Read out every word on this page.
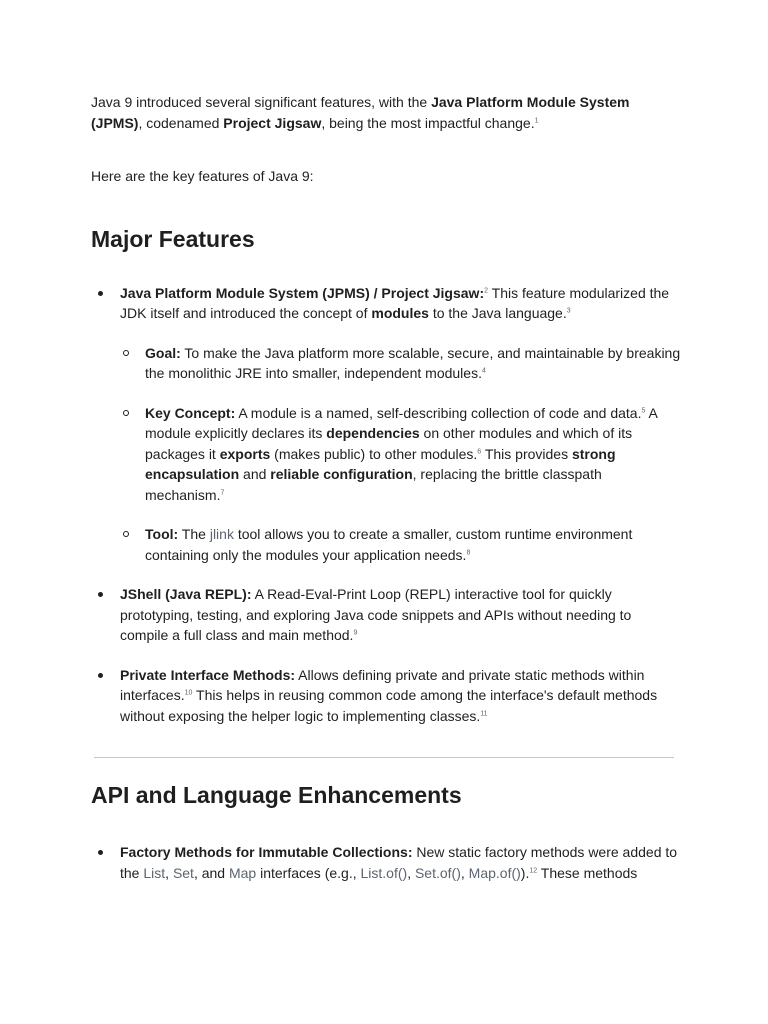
Java 9 introduced several significant features, with the Java Platform Module System (JPMS), codenamed Project Jigsaw, being the most impactful change.$^1$

Here are the key features of Java 9:

Major Features
Java Platform Module System (JPMS) / Project Jigsaw:$^2$ This feature modularized the JDK itself and introduced the concept of modules to the Java language.$^3$
Goal: To make the Java platform more scalable, secure, and maintainable by breaking the monolithic JRE into smaller, independent modules.$^4$
Key Concept: A module is a named, self-describing collection of code and data.$^5$ A module explicitly declares its dependencies on other modules and which of its packages it exports (makes public) to other modules.$^6$ This provides strong encapsulation and reliable configuration, replacing the brittle classpath mechanism.$^7$
Tool: The jlink tool allows you to create a smaller, custom runtime environment containing only the modules your application needs.$^8$
JShell (Java REPL): A Read-Eval-Print Loop (REPL) interactive tool for quickly prototyping, testing, and exploring Java code snippets and APIs without needing to compile a full class and main method.$^9$
Private Interface Methods: Allows defining private and private static methods within interfaces.$^{10}$ This helps in reusing common code among the interface's default methods without exposing the helper logic to implementing classes.$^{11}$
API and Language Enhancements
Factory Methods for Immutable Collections: New static factory methods were added to the List, Set, and Map interfaces (e.g., List.of(), Set.of(), Map.of()).$^{12}$ These methods
